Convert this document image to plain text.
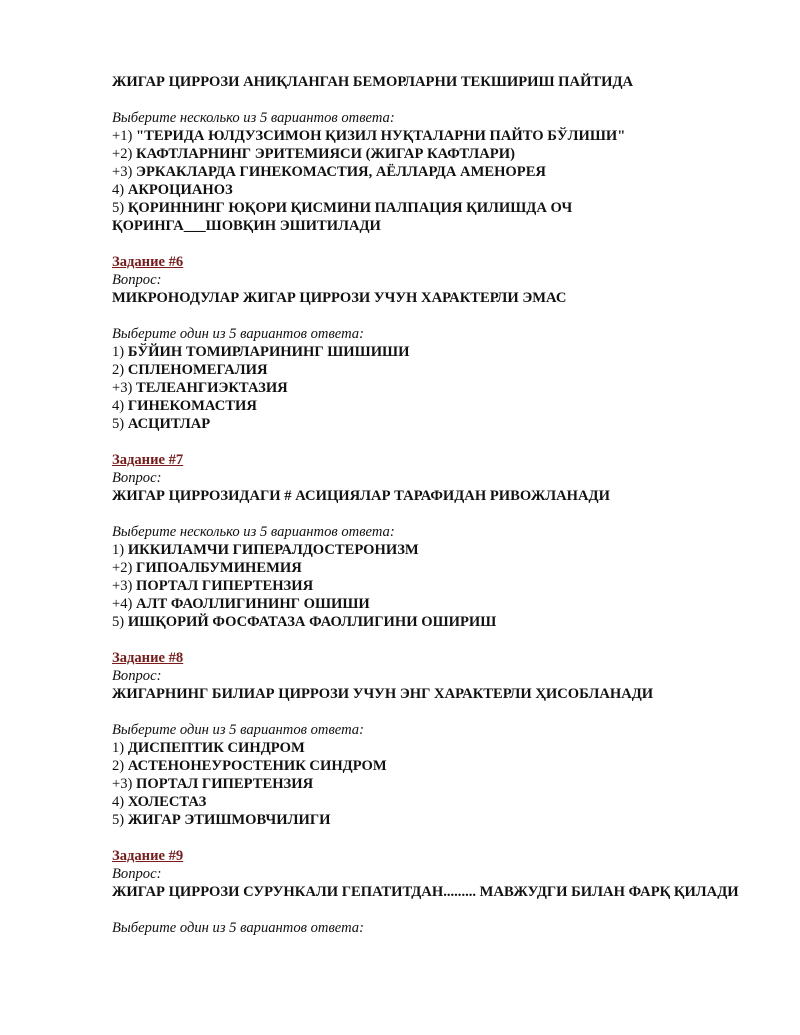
ЖИГАР ЦИРРОЗИ АНИҚЛАНГАН БЕМОРЛАРНИ ТЕКШИРИШ ПАЙТИДА

Выберите несколько из 5 вариантов ответа:

+1) "ТЕРИДА ЮЛДУЗСИМОН ҚИЗИЛ НУҚТАЛАРНИ ПАЙТО БЎЛИШИ"

+2) КАФТЛАРНИНГ ЭРИТЕМИЯСИ (ЖИГАР КАФТЛАРИ)

+3) ЭРКАКЛАРДА ГИНЕКОМАСТИЯ, АЁЛЛАРДА АМЕНОРЕЯ

4) АКРОЦИАНОЗ

5) ҚОРИННИНГ ЮҚОРИ ҚИСМИНИ ПАЛПАЦИЯ ҚИЛИШДА ОЧ ҚОРИНГА___ШОВҚИН ЭШИТИЛАДИ

Задание #6

Вопрос:

МИКРОНОДУЛАР ЖИГАР ЦИРРОЗИ УЧУН ХАРАКТЕРЛИ ЭМАС

Выберите один из 5 вариантов ответа:

1) БЎЙИН ТОМИРЛАРИНИНГ ШИШИШИ

2) СПЛЕНОМЕГАЛИЯ

+3) ТЕЛЕАНГИЭКТАЗИЯ

4) ГИНЕКОМАСТИЯ

5) АСЦИТЛАР

Задание #7

Вопрос:

ЖИГАР ЦИРРОЗИДАГИ # АСИЦИЯЛАР ТАРАФИДАН РИВОЖЛАНАДИ

Выберите несколько из 5 вариантов ответа:

1) ИККИЛАМЧИ ГИПЕРАЛДОСТЕРОНИЗМ

+2) ГИПОАЛБУМИНЕМИЯ

+3) ПОРТАЛ ГИПЕРТЕНЗИЯ

+4) АЛТ ФАОЛЛИГИНИНГ ОШИШИ

5) ИШҚОРИЙ ФОСФАТАЗА ФАОЛЛИГИНИ ОШИРИШ

Задание #8

Вопрос:

ЖИГАРНИНГ БИЛИАР ЦИРРОЗИ УЧУН ЭНГ ХАРАКТЕРЛИ ҲИСОБЛАНАДИ

Выберите один из 5 вариантов ответа:

1) ДИСПЕПТИК СИНДРОМ

2) АСТЕНОНЕУРОСТЕНИК СИНДРОМ

+3) ПОРТАЛ ГИПЕРТЕНЗИЯ

4) ХОЛЕСТАЗ

5) ЖИГАР ЭТИШМОВЧИЛИГИ

Задание #9

Вопрос:

ЖИГАР ЦИРРОЗИ СУРУНКАЛИ ГЕПАТИТДАН......... МАВЖУДГИ БИЛАН ФАРҚ ҚИЛАДИ

Выберите один из 5 вариантов ответа:
